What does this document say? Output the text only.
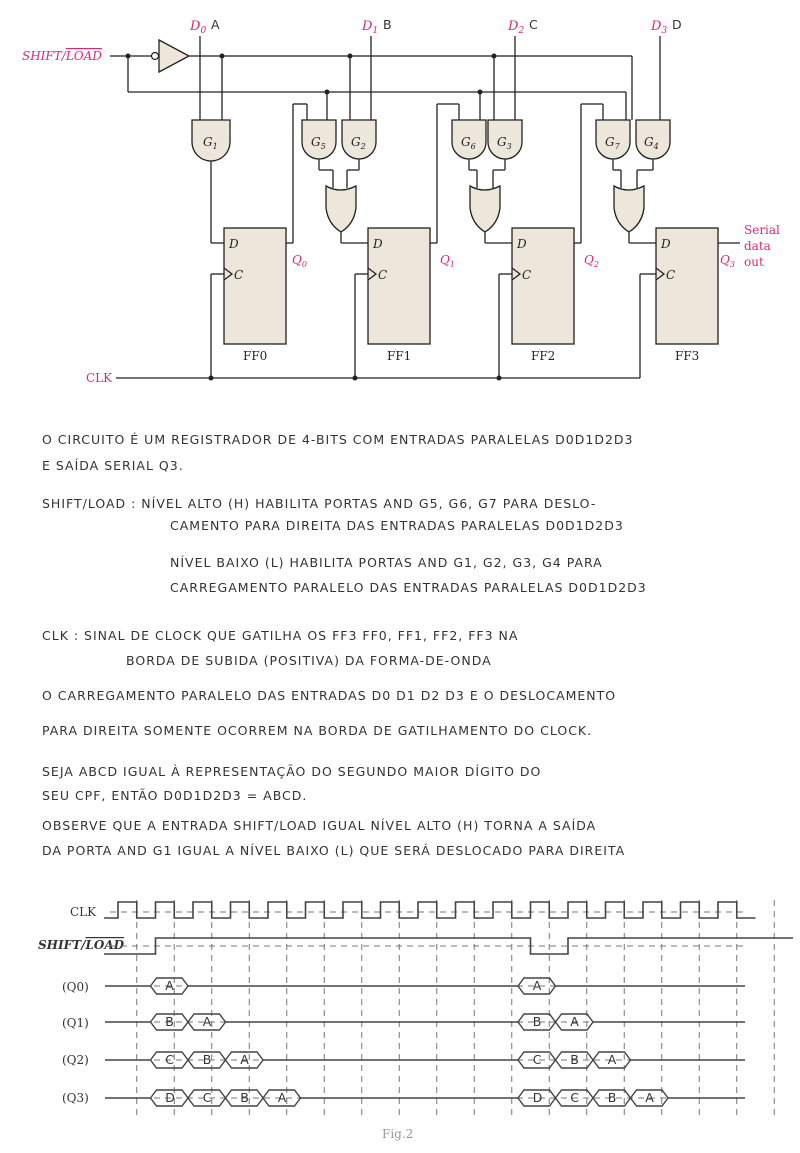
SHIFT/LOAD
$D_0$ A	$D_1$ B	$D_2$ C	$D_3$ D
$G_1$	$G_5$ $G_2$	$G_6$ $G_3$	$G_7$ $G_4$
D
C
FF0
D
C
FF1
D
C
FF2
D
C
FF3
$Q_0$	$Q_1$	$Q_2$	$Q_3$
Serial
data
out
CLK
O CIRCUITO É UM REGISTRADOR DE 4-BITS COM ENTRADAS PARALELAS D0D1D2D3
E SAÍDA SERIAL Q3.
SHIFT/LOAD : NÍVEL ALTO (H) HABILITA PORTAS AND G5, G6, G7 PARA DESLO-
CAMENTO PARA DIREITA DAS ENTRADAS PARALELAS D0D1D2D3
NÍVEL BAIXO (L) HABILITA PORTAS AND G1, G2, G3, G4 PARA
CARREGAMENTO PARALELO DAS ENTRADAS PARALELAS D0D1D2D3
CLK : SINAL DE CLOCK QUE GATILHA OS FF3 FF0, FF1, FF2, FF3 NA
BORDA DE SUBIDA (POSITIVA) DA FORMA-DE-ONDA
O CARREGAMENTO PARALELO DAS ENTRADAS D0 D1 D2 D3 E O DESLOCAMENTO
PARA DIREITA SOMENTE OCORREM NA BORDA DE GATILHAMENTO DO CLOCK.
SEJA ABCD IGUAL À REPRESENTAÇÃO DO SEGUNDO MAIOR DÍGITO DO
SEU CPF, ENTÃO D0D1D2D3 = ABCD.
OBSERVE QUE A ENTRADA SHIFT/LOAD IGUAL NÍVEL ALTO (H) TORNA A SAÍDA
DA PORTA AND G1 IGUAL A NÍVEL BAIXO (L) QUE SERÁ DESLOCADO PARA DIREITA
CLK
SHIFT/LOAD
(Q0)
(Q1)
(Q2)
(Q3)
A	A
B A	B A
C B A	C B A
D C B A	D C B A
Fig.2
